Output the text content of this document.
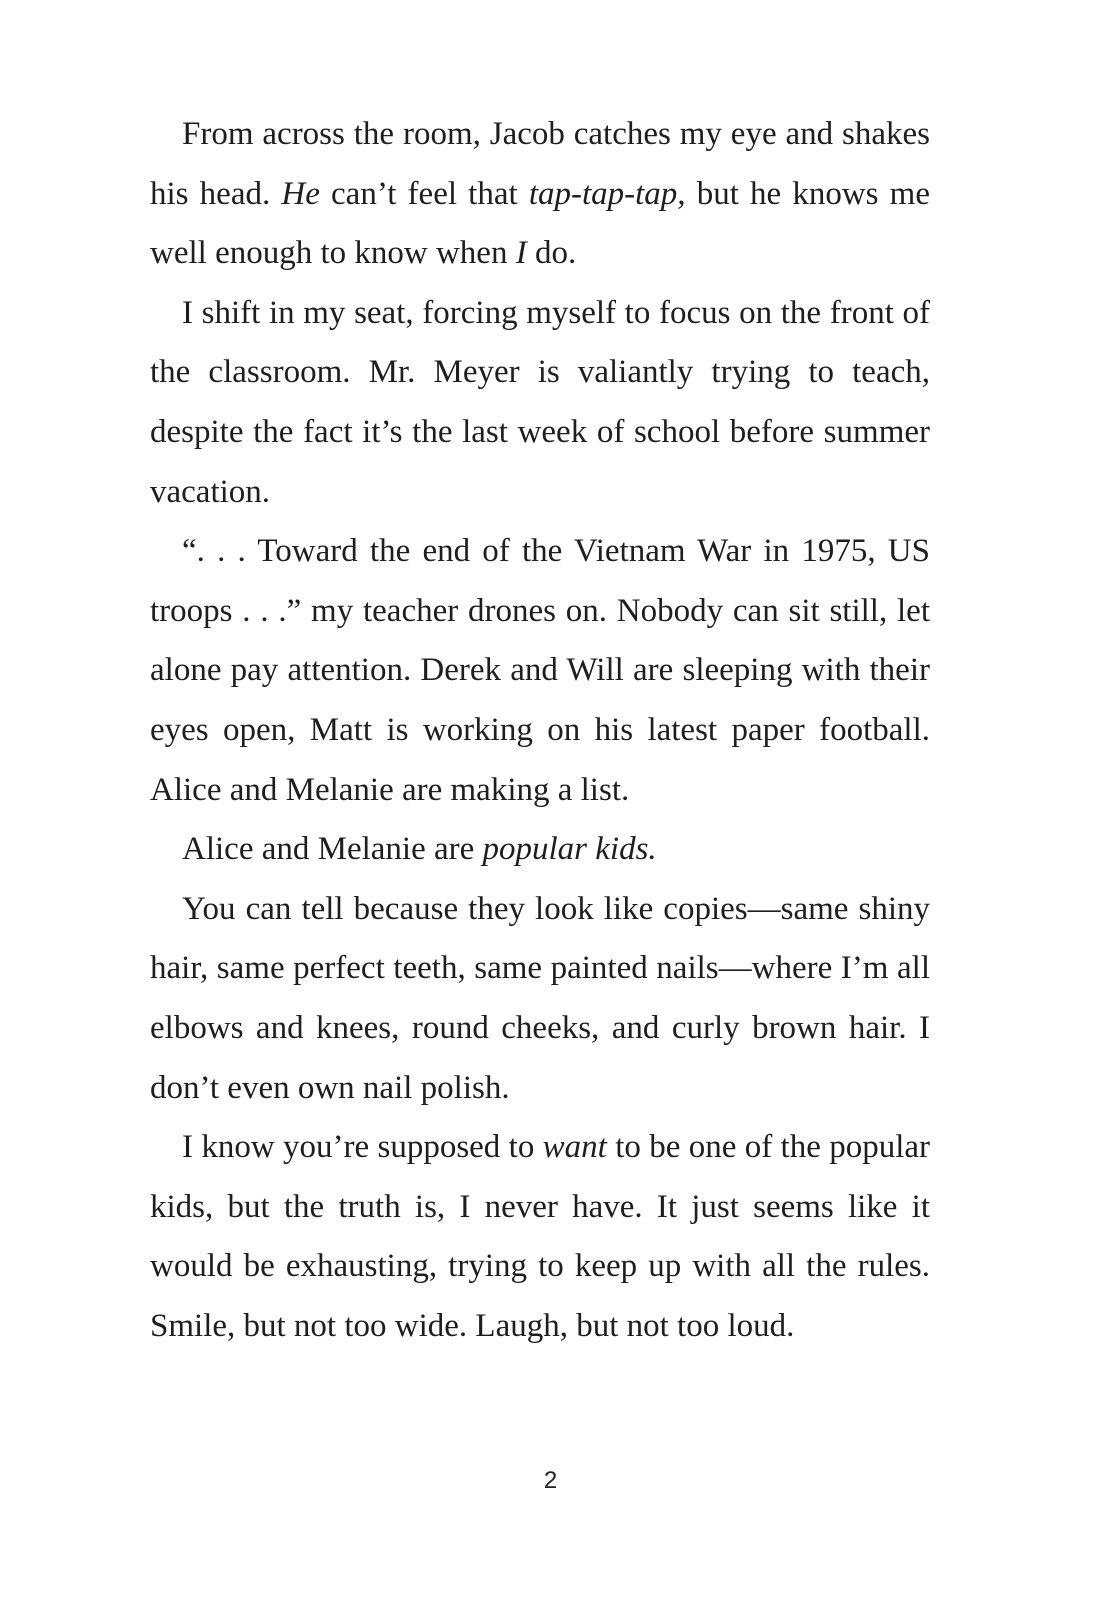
From across the room, Jacob catches my eye and shakes his head. He can’t feel that tap-tap-tap, but he knows me well enough to know when I do.

I shift in my seat, forcing myself to focus on the front of the classroom. Mr. Meyer is valiantly trying to teach, despite the fact it’s the last week of school before summer vacation.

“. . . Toward the end of the Vietnam War in 1975, US troops . . .” my teacher drones on. Nobody can sit still, let alone pay attention. Derek and Will are sleeping with their eyes open, Matt is working on his latest paper football. Alice and Melanie are making a list.

Alice and Melanie are popular kids.

You can tell because they look like copies—same shiny hair, same perfect teeth, same painted nails—where I’m all elbows and knees, round cheeks, and curly brown hair. I don’t even own nail polish.

I know you’re supposed to want to be one of the popular kids, but the truth is, I never have. It just seems like it would be exhausting, trying to keep up with all the rules. Smile, but not too wide. Laugh, but not too loud.

2
